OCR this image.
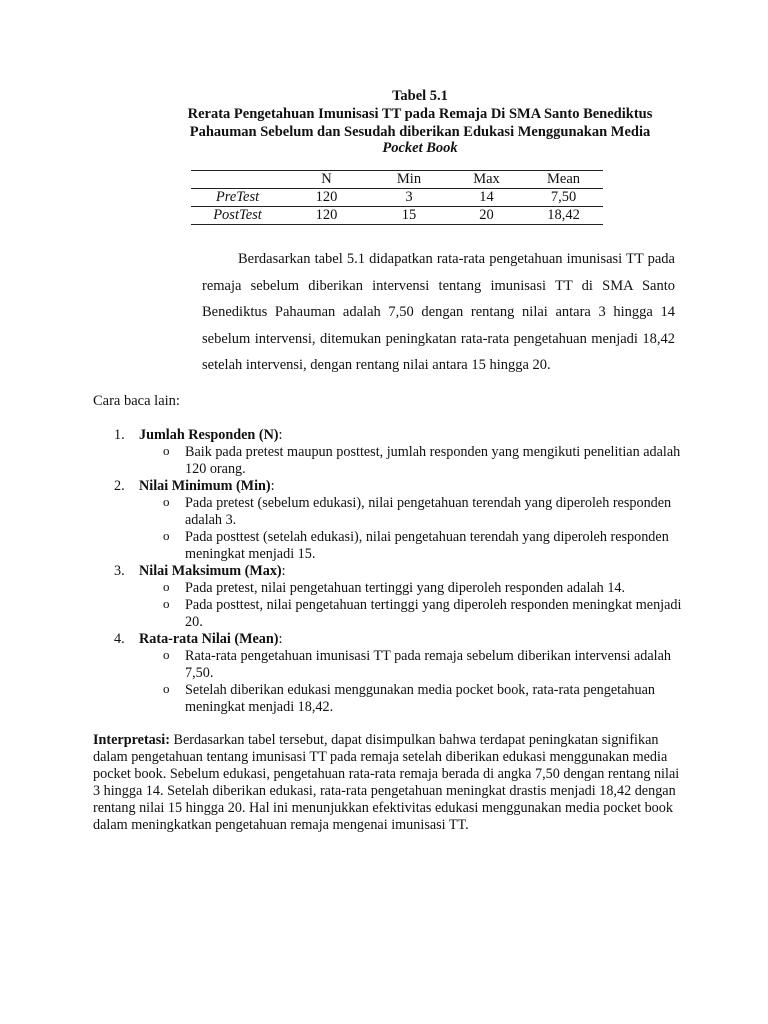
Tabel 5.1
Rerata Pengetahuan Imunisasi TT pada Remaja Di SMA Santo Benediktus
Pahauman Sebelum dan Sesudah diberikan Edukasi Menggunakan Media
Pocket Book
	N	Min	Max	Mean
PreTest	120	3	14	7,50
PostTest	120	15	20	18,42

Berdasarkan tabel 5.1 didapatkan rata-rata pengetahuan imunisasi TT pada remaja sebelum diberikan intervensi tentang imunisasi TT di SMA Santo Benediktus Pahauman adalah 7,50 dengan rentang nilai antara 3 hingga 14 sebelum intervensi, ditemukan peningkatan rata-rata pengetahuan menjadi 18,42 setelah intervensi, dengan rentang nilai antara 15 hingga 20.

Cara baca lain:
1. Jumlah Responden (N):
o Baik pada pretest maupun posttest, jumlah responden yang mengikuti penelitian adalah 120 orang.
2. Nilai Minimum (Min):
o Pada pretest (sebelum edukasi), nilai pengetahuan terendah yang diperoleh responden adalah 3.
o Pada posttest (setelah edukasi), nilai pengetahuan terendah yang diperoleh responden meningkat menjadi 15.
3. Nilai Maksimum (Max):
o Pada pretest, nilai pengetahuan tertinggi yang diperoleh responden adalah 14.
o Pada posttest, nilai pengetahuan tertinggi yang diperoleh responden meningkat menjadi 20.
4. Rata-rata Nilai (Mean):
o Rata-rata pengetahuan imunisasi TT pada remaja sebelum diberikan intervensi adalah 7,50.
o Setelah diberikan edukasi menggunakan media pocket book, rata-rata pengetahuan meningkat menjadi 18,42.
Interpretasi: Berdasarkan tabel tersebut, dapat disimpulkan bahwa terdapat peningkatan signifikan dalam pengetahuan tentang imunisasi TT pada remaja setelah diberikan edukasi menggunakan media pocket book. Sebelum edukasi, pengetahuan rata-rata remaja berada di angka 7,50 dengan rentang nilai 3 hingga 14. Setelah diberikan edukasi, rata-rata pengetahuan meningkat drastis menjadi 18,42 dengan rentang nilai 15 hingga 20. Hal ini menunjukkan efektivitas edukasi menggunakan media pocket book dalam meningkatkan pengetahuan remaja mengenai imunisasi TT.
